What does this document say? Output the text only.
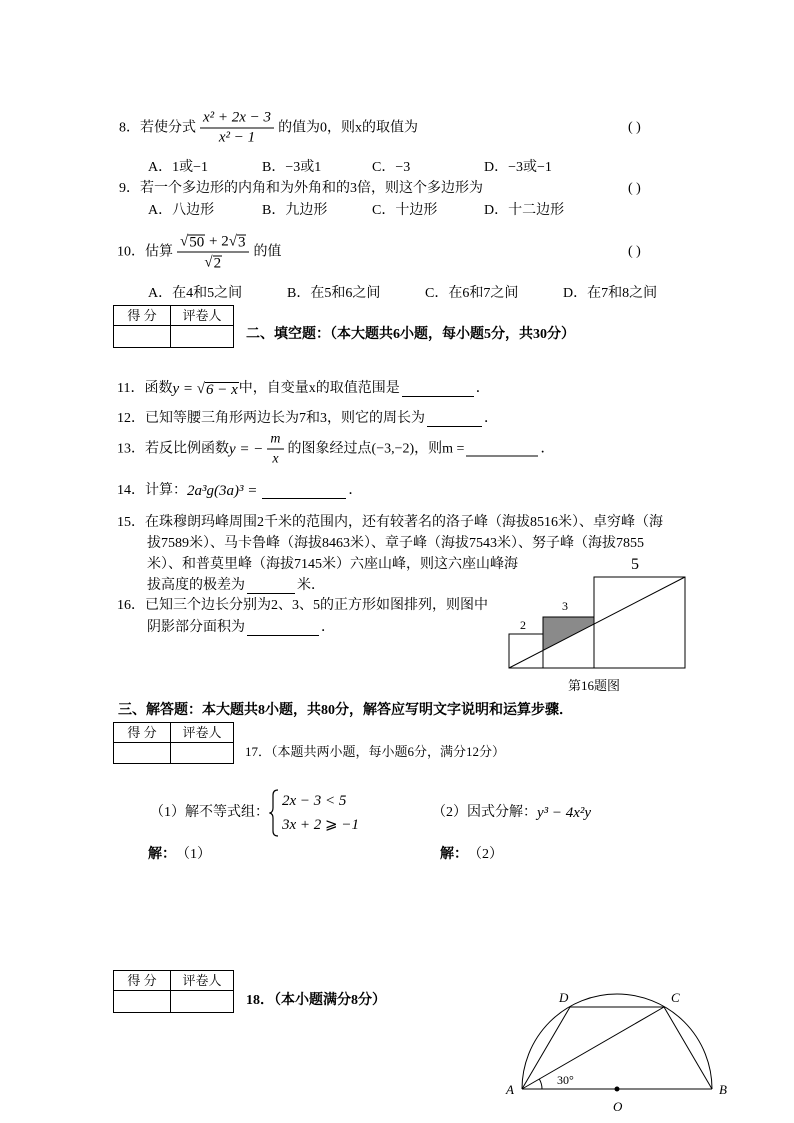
8．若使分式 $\frac{\text{x² + 2x − 3}}{\text{x² − 1}}$ 的值为0，则x的取值为	( )
A．1或−1	B．−3或1	C．−3	D．−3或−1
9．若一个多边形的内角和为外角和的3倍，则这个多边形为	( )
A．八边形	B．九边形	C．十边形	D．十二边形
10．估算 $\frac{√ 50 + 2 √ 3}{√ 2}$ 的值	( )
A．在4和5之间	B．在5和6之间	C．在6和7之间	D．在7和8之间
得 分	评卷人

二、填空题：（本大题共6小题，每小题5分，共30分）
11．函数 y = √ 6 − x 中，自变量x的取值范围是	．
12．已知等腰三角形两边长为7和3，则它的周长为	．
13．若反比例函数 y = − $\frac{m}{x}$ 的图象经过点(−3,−2)，则m =	．
14．计算： 2a³g(3a)³ =	．
15．在珠穆朗玛峰周围2千米的范围内，还有较著名的洛子峰（海拔8516米）、卓穷峰（海
拔7589米）、马卡鲁峰（海拔8463米）、章子峰（海拔7543米）、努子峰（海拔7855
米）、和普莫里峰（海拔7145米）六座山峰，则这六座山峰海
拔高度的极差为	米．
16．已知三个边长分别为2、3、5的正方形如图排列，则图中
阴影部分面积为	．	2
3
5
第16题图
三、解答题：本大题共8小题，共80分，解答应写明文字说明和运算步骤．
得 分	评卷人

17．（本题共两小题，每小题6分，满分12分）
（1）解不等式组：
2x − 3 < 5
3x + 2 ⩾ −1
（2）因式分解： y³ − 4x²y
解： （1）	解： （2）
得 分	评卷人

18．（本小题满分8分）
A	B
C
D
O
30°
